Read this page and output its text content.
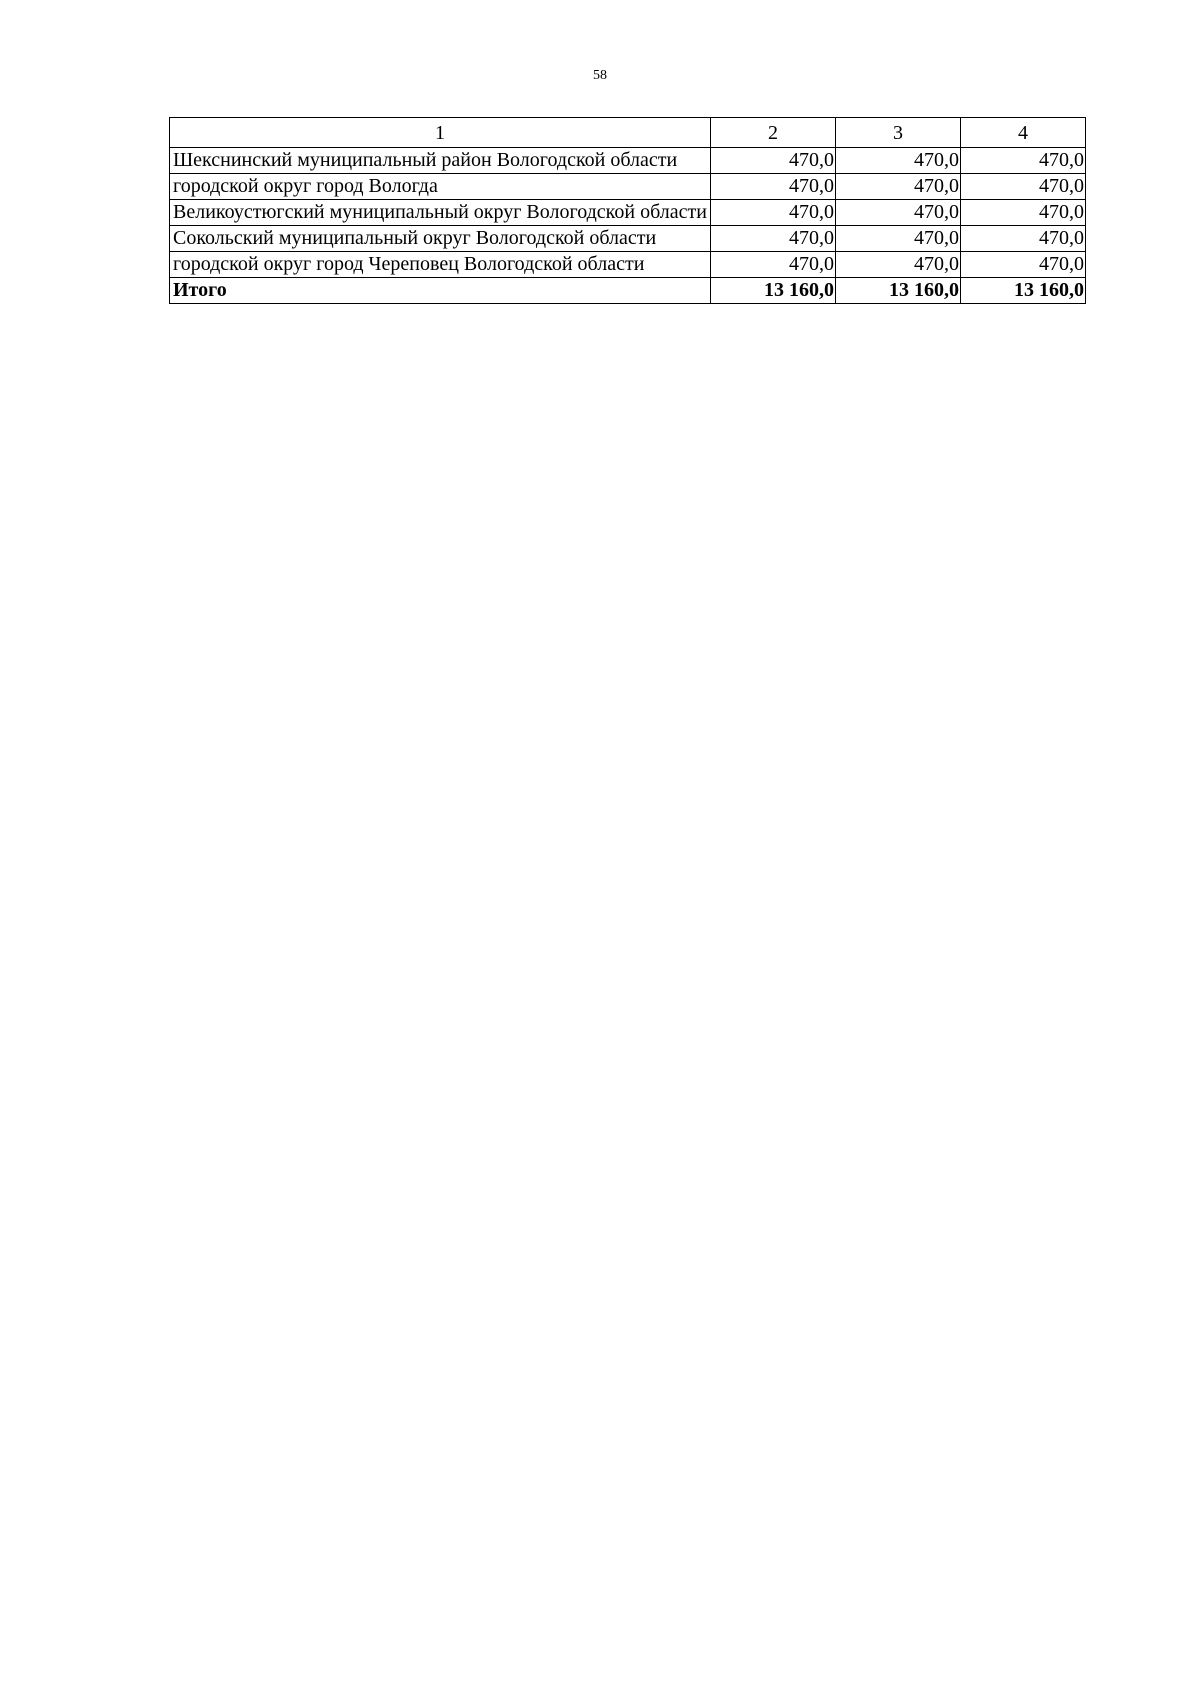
58
1	2	3	4
Шекснинский муниципальный район Вологодской области	470,0	470,0	470,0
городской округ город Вологда	470,0	470,0	470,0
Великоустюгский муниципальный округ Вологодской области	470,0	470,0	470,0
Сокольский муниципальный округ Вологодской области	470,0	470,0	470,0
городской округ город Череповец Вологодской области	470,0	470,0	470,0
Итого	13 160,0	13 160,0	13 160,0
